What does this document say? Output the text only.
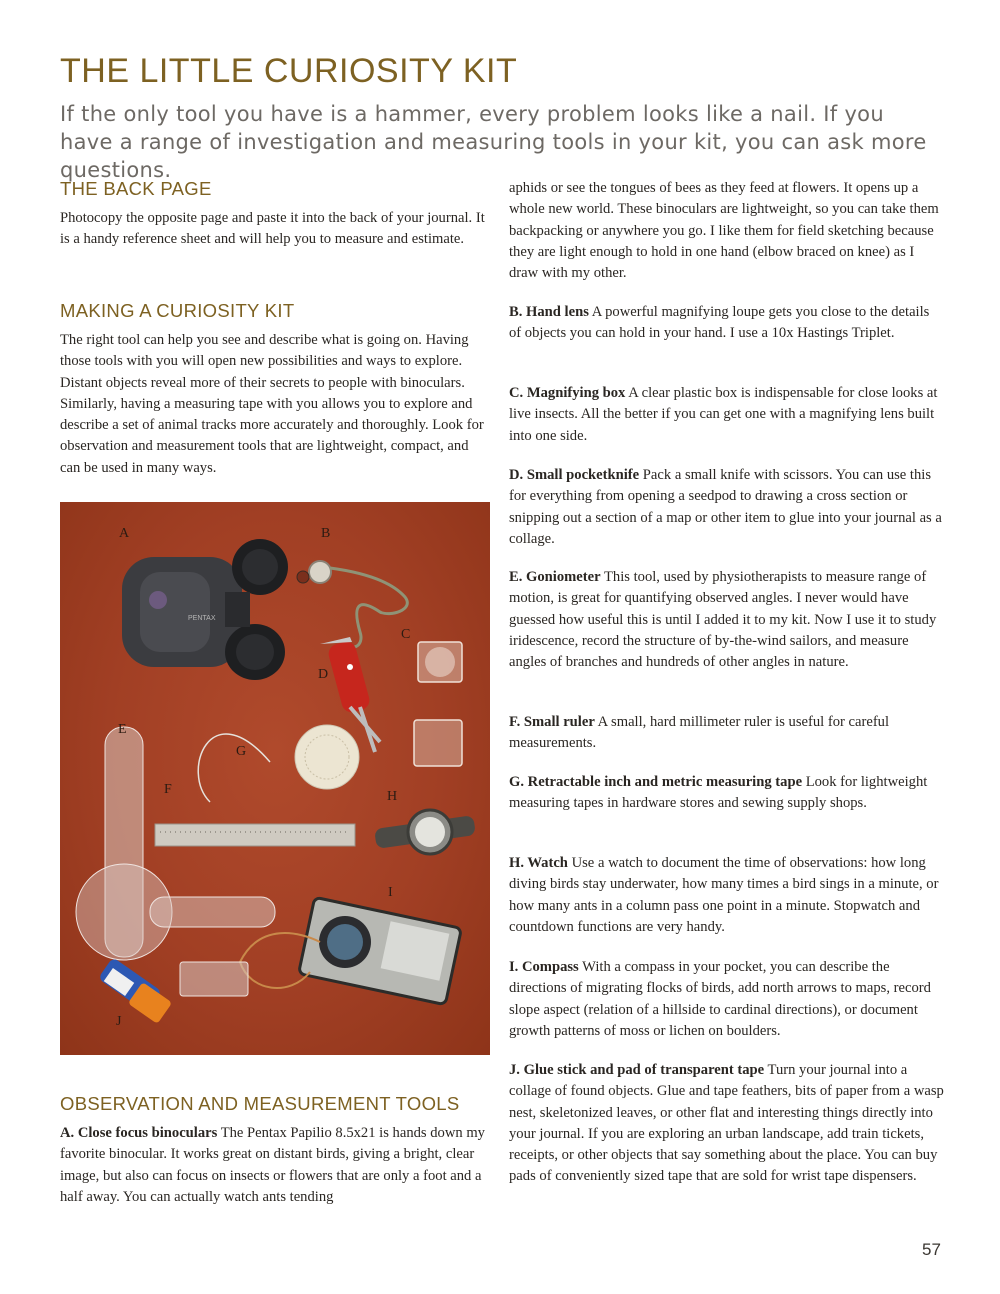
THE LITTLE CURIOSITY KIT
If the only tool you have is a hammer, every problem looks like a nail. If you have a range of investigation and measuring tools in your kit, you can ask more questions.
THE BACK PAGE
Photocopy the opposite page and paste it into the back of your journal. It is a handy reference sheet and will help you to measure and estimate.
MAKING A CURIOSITY KIT
The right tool can help you see and describe what is going on. Having those tools with you will open new possibilities and ways to explore. Distant objects reveal more of their secrets to people with binoculars. Similarly, having a measuring tape with you allows you to explore and describe a set of animal tracks more accurately and thoroughly. Look for observation and measurement tools that are lightweight, compact, and can be used in many ways.
PENTAX
A	B
C
D
E
F
G
H
I
J
OBSERVATION AND MEASUREMENT TOOLS
A. Close focus binoculars The Pentax Papilio 8.5x21 is hands down my favorite binocular. It works great on distant birds, giving a bright, clear image, but also can focus on insects or flowers that are only a foot and a half away. You can actually watch ants tending
aphids or see the tongues of bees as they feed at flowers. It opens up a whole new world. These binoculars are lightweight, so you can take them backpacking or anywhere you go. I like them for field sketching because they are light enough to hold in one hand (elbow braced on knee) as I draw with my other.
B. Hand lens A powerful magnifying loupe gets you close to the details of objects you can hold in your hand. I use a 10x Hastings Triplet.
C. Magnifying box A clear plastic box is indispensable for close looks at live insects. All the better if you can get one with a magnifying lens built into one side.
D. Small pocketknife Pack a small knife with scissors. You can use this for everything from opening a seedpod to drawing a cross section or snipping out a section of a map or other item to glue into your journal as a collage.
E. Goniometer This tool, used by physiotherapists to measure range of motion, is great for quantifying observed angles. I never would have guessed how useful this is until I added it to my kit. Now I use it to study iridescence, record the structure of by-the-wind sailors, and measure angles of branches and hundreds of other angles in nature.
F. Small ruler A small, hard millimeter ruler is useful for careful measurements.
G. Retractable inch and metric measuring tape Look for lightweight measuring tapes in hardware stores and sewing supply shops.
H. Watch Use a watch to document the time of observations: how long diving birds stay underwater, how many times a bird sings in a minute, or how many ants in a column pass one point in a minute. Stopwatch and countdown functions are very handy.
I. Compass With a compass in your pocket, you can describe the directions of migrating flocks of birds, add north arrows to maps, record slope aspect (relation of a hillside to cardinal directions), or document growth patterns of moss or lichen on boulders.
J. Glue stick and pad of transparent tape Turn your journal into a collage of found objects. Glue and tape feathers, bits of paper from a wasp nest, skeletonized leaves, or other flat and interesting things directly into your journal. If you are exploring an urban landscape, add train tickets, receipts, or other objects that say something about the place. You can buy pads of conveniently sized tape that are sold for wrist tape dispensers.
57
